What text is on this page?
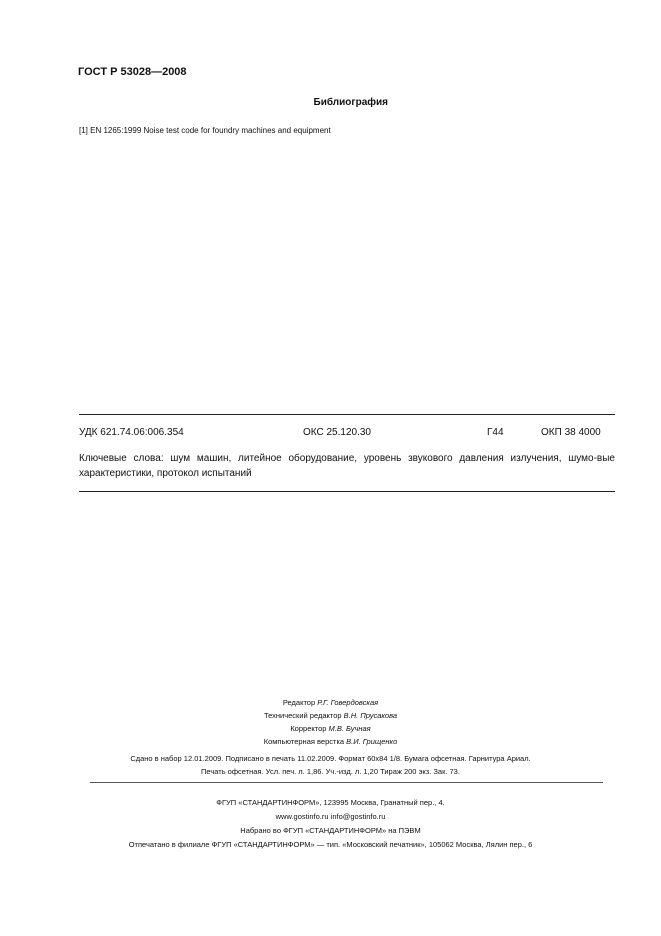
ГОСТ Р 53028—2008
Библиография
[1] EN 1265:1999 Noise test code for foundry machines and equipment
УДК 621.74.06:006.354	ОКС 25.120.30	Г44	ОКП 38 4000
Ключевые слова: шум машин, литейное оборудование, уровень звукового давления излучения, шумо-вые характеристики, протокол испытаний
Редактор Р.Г. Говердовская
Технический редактор В.Н. Прусакова
Корректор М.В. Бучная
Компьютерная верстка В.И. Грищенко
Сдано в набор 12.01.2009. Подписано в печать 11.02.2009. Формат 60х84 1/8. Бумага офсетная. Гарнитура Ариал.
Печать офсетная. Усл. печ. л. 1,86. Уч.-изд. л. 1,20 Тираж 200 экз. Зак. 73.
ФГУП «СТАНДАРТИНФОРМ», 123995 Москва, Гранатный пер., 4.
www.gostinfo.ru info@gostinfo.ru
Набрано во ФГУП «СТАНДАРТИНФОРМ» на ПЭВМ
Отпечатано в филиале ФГУП «СТАНДАРТИНФОРМ» — тип. «Московский печатник», 105062 Москва, Лялин пер., 6
